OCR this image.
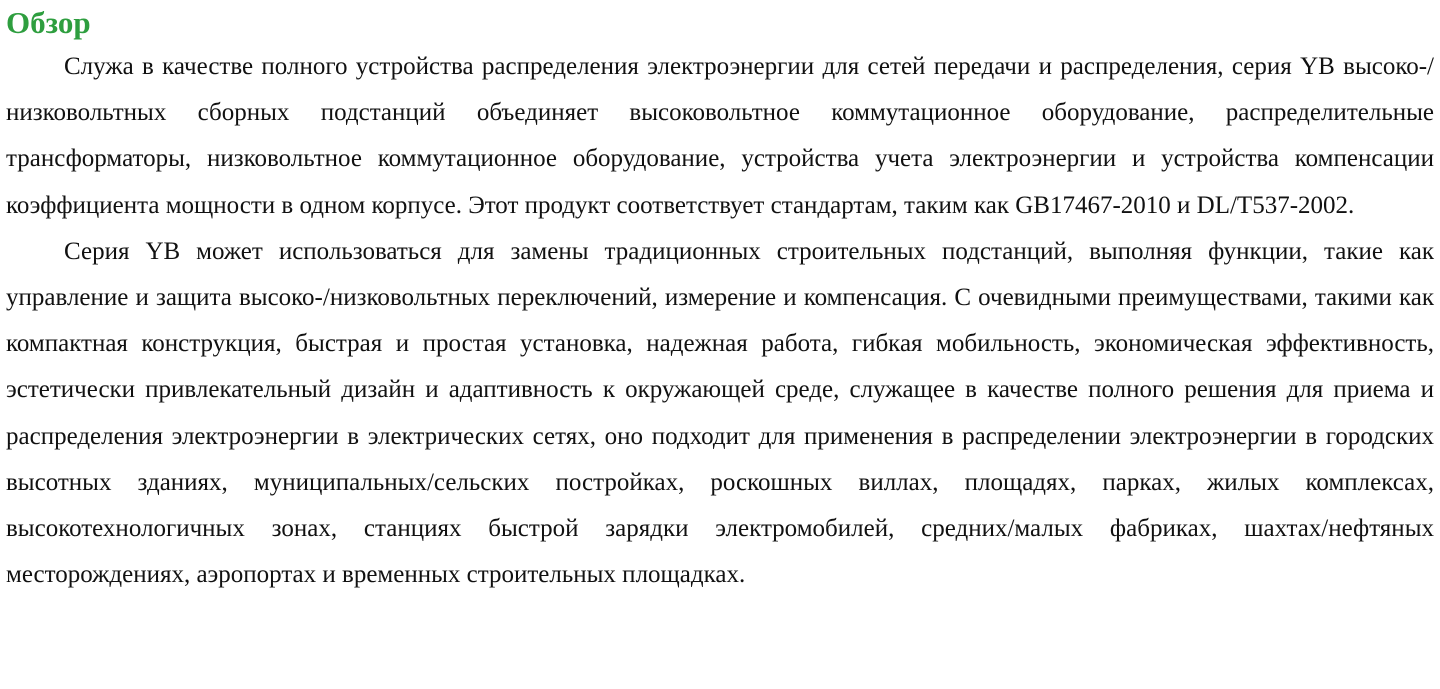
Обзор

Служа в качестве полного устройства распределения электроэнергии для сетей передачи и распределения, серия YB высоко-/низковольтных сборных подстанций объединяет высоковольтное коммутационное оборудование, распределительные трансформаторы, низковольтное коммутационное оборудование, устройства учета электроэнергии и устройства компенсации коэффициента мощности в одном корпусе. Этот продукт соответствует стандартам, таким как GB17467-2010 и DL/T537-2002.

Серия YB может использоваться для замены традиционных строительных подстанций, выполняя функции, такие как управление и защита высоко-/низковольтных переключений, измерение и компенсация. С очевидными преимуществами, такими как компактная конструкция, быстрая и простая установка, надежная работа, гибкая мобильность, экономическая эффективность, эстетически привлекательный дизайн и адаптивность к окружающей среде, служащее в качестве полного решения для приема и распределения электроэнергии в электрических сетях, оно подходит для применения в распределении электроэнергии в городских высотных зданиях, муниципальных/сельских постройках, роскошных виллах, площадях, парках, жилых комплексах, высокотехнологичных зонах, станциях быстрой зарядки электромобилей, средних/малых фабриках, шахтах/нефтяных месторождениях, аэропортах и временных строительных площадках.
